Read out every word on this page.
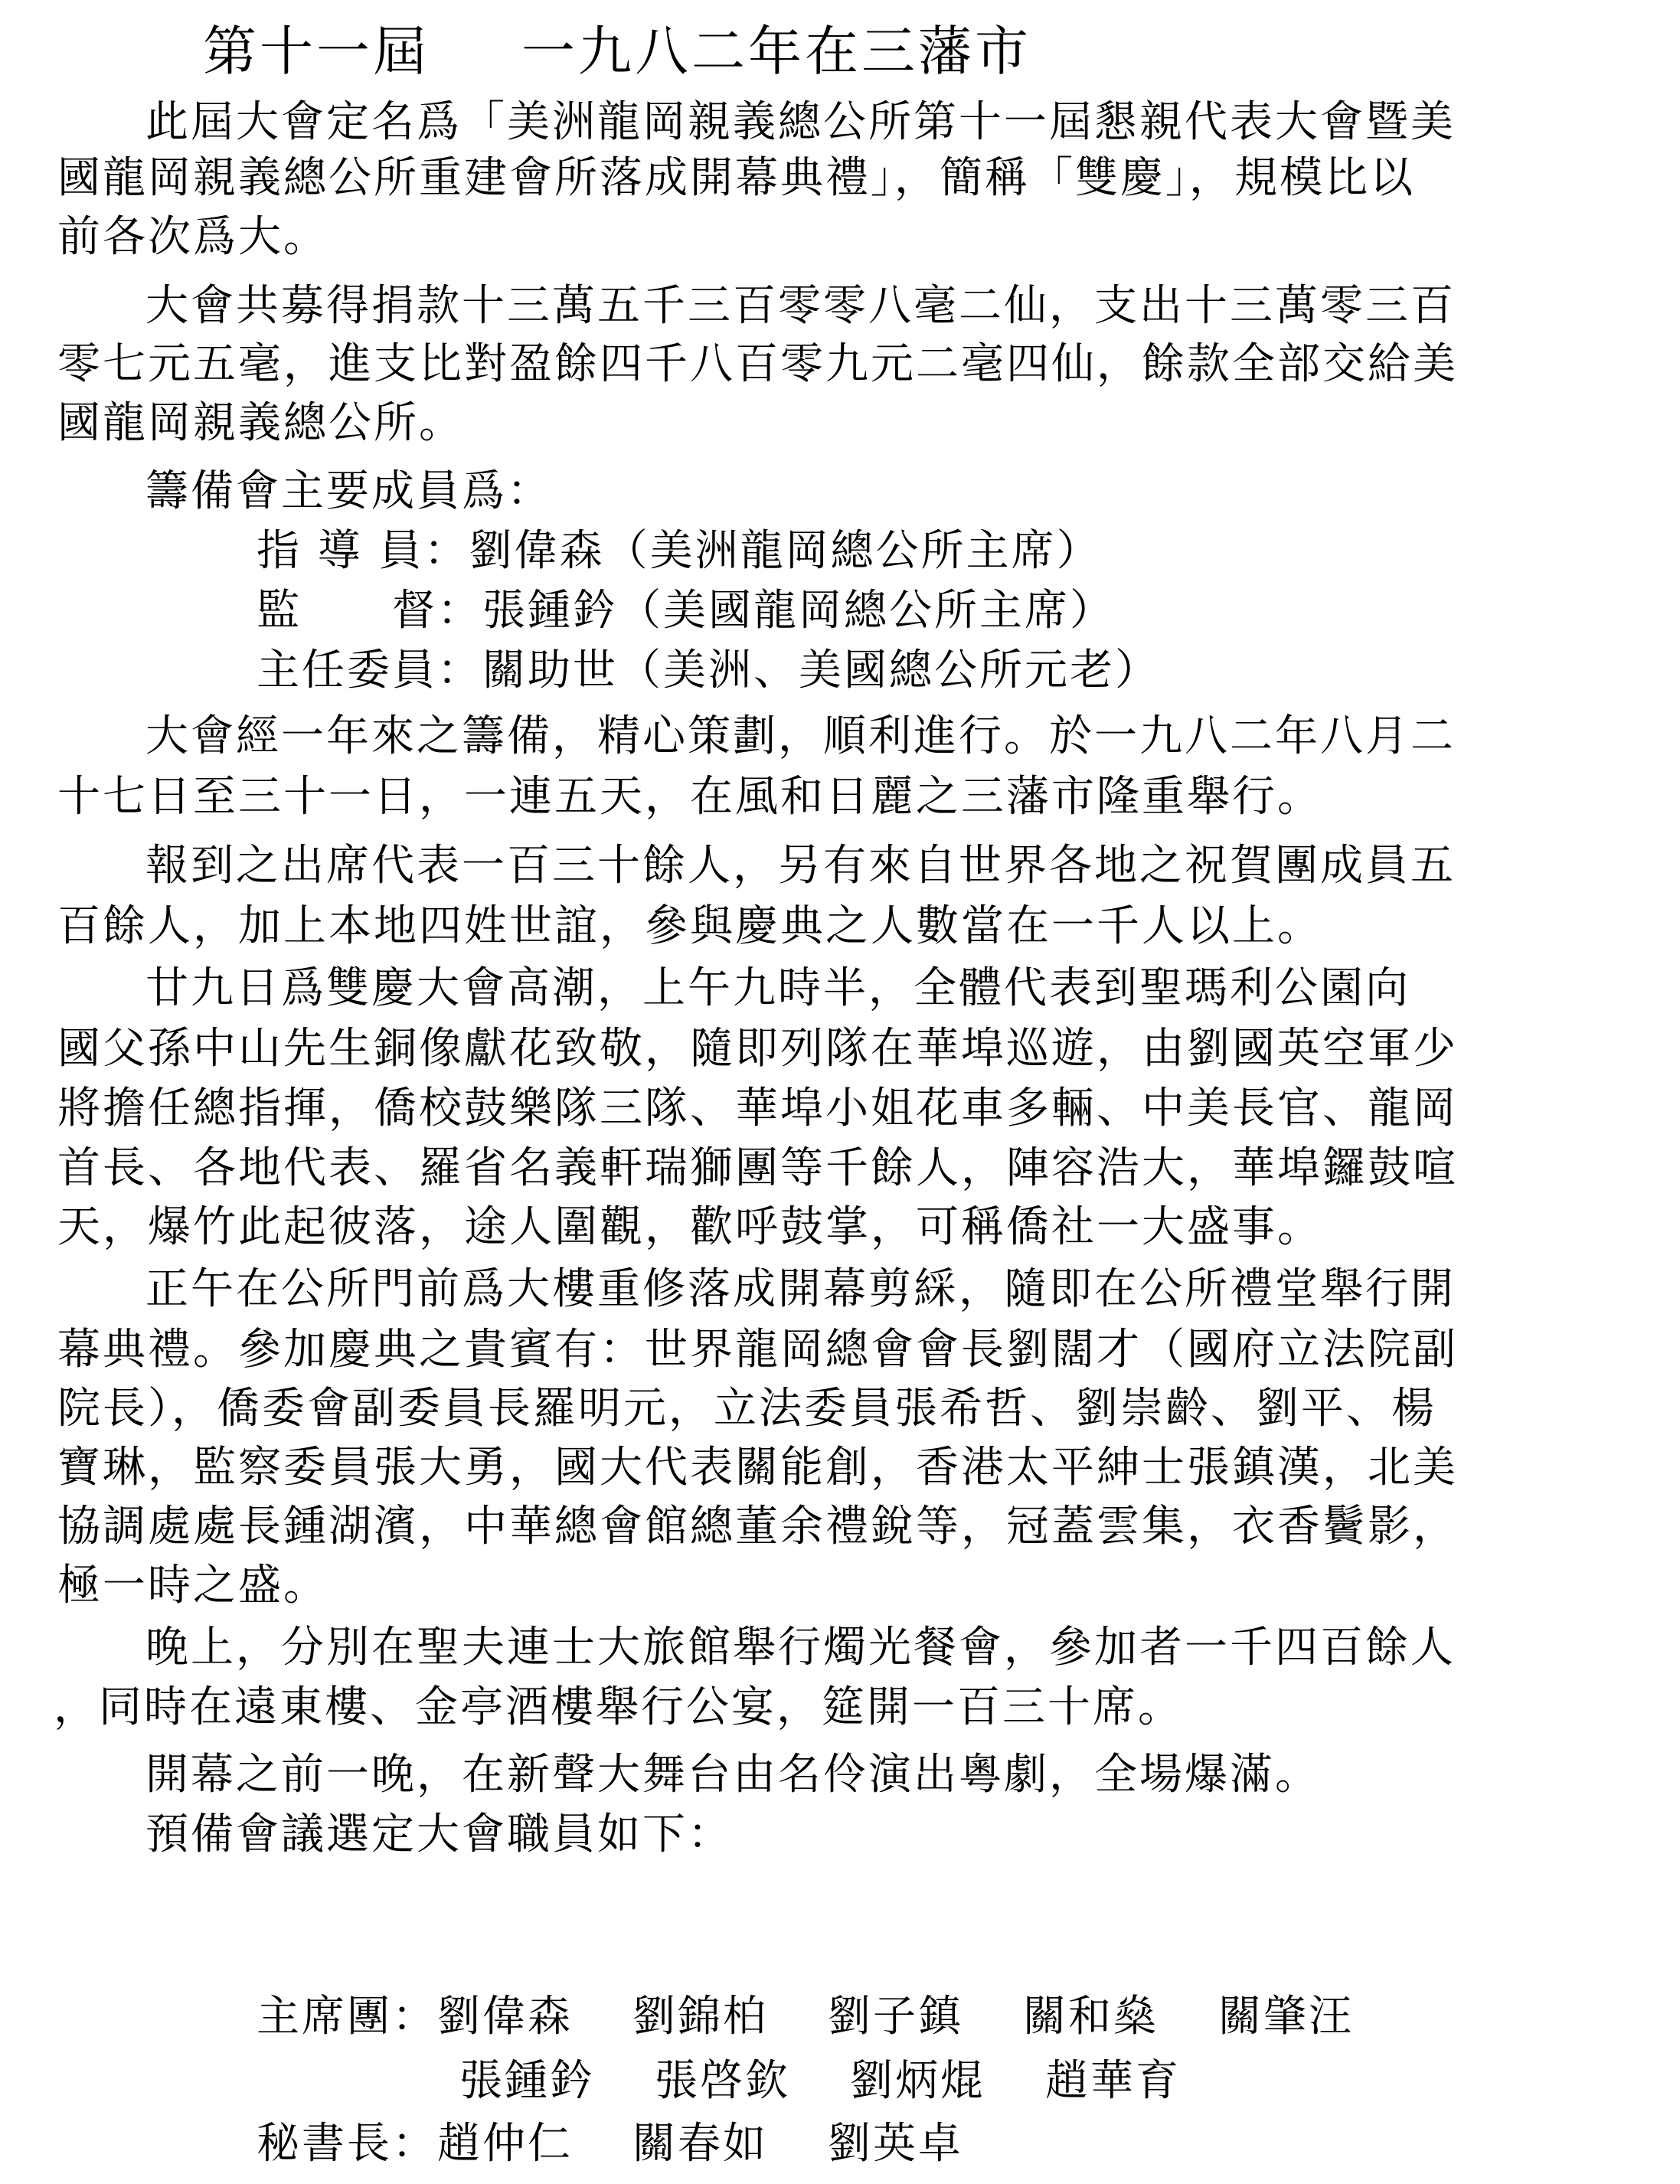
第十一屆 一九八二年在三藩市
此屆大會定名爲「美洲龍岡親義總公所第十一屆懇親代表大會暨美
國龍岡親義總公所重建會所落成開幕典禮」，簡稱「雙慶」，規模比以
前各次爲大。
大會共募得捐款十三萬五千三百零零八毫二仙，支出十三萬零三百
零七元五毫，進支比對盈餘四千八百零九元二毫四仙，餘款全部交給美
國龍岡親義總公所。
籌備會主要成員爲：
指 導 員：劉偉森（美洲龍岡總公所主席）
監　　督：張鍾鈐（美國龍岡總公所主席）
主任委員：關助世（美洲、美國總公所元老）
大會經一年來之籌備，精心策劃，順利進行。於一九八二年八月二
十七日至三十一日，一連五天，在風和日麗之三藩市隆重舉行。
報到之出席代表一百三十餘人，另有來自世界各地之祝賀團成員五
百餘人，加上本地四姓世誼，參與慶典之人數當在一千人以上。
廿九日爲雙慶大會高潮，上午九時半，全體代表到聖瑪利公園向
國父孫中山先生銅像獻花致敬，隨即列隊在華埠巡遊，由劉國英空軍少
將擔任總指揮，僑校鼓樂隊三隊、華埠小姐花車多輛、中美長官、龍岡
首長、各地代表、羅省名義軒瑞獅團等千餘人，陣容浩大，華埠鑼鼓喧
天，爆竹此起彼落，途人圍觀，歡呼鼓掌，可稱僑社一大盛事。
正午在公所門前爲大樓重修落成開幕剪綵，隨即在公所禮堂舉行開
幕典禮。參加慶典之貴賓有：世界龍岡總會會長劉闊才（國府立法院副
院長），僑委會副委員長羅明元，立法委員張希哲、劉崇齡、劉平、楊
寶琳，監察委員張大勇，國大代表關能創，香港太平紳士張鎮漢，北美
協調處處長鍾湖濱，中華總會館總董余禮銳等，冠蓋雲集，衣香鬢影，
極一時之盛。
晚上，分別在聖夫連士大旅館舉行燭光餐會，參加者一千四百餘人
，同時在遠東樓、金亭酒樓舉行公宴，筵開一百三十席。
開幕之前一晚，在新聲大舞台由名伶演出粵劇，全場爆滿。
預備會議選定大會職員如下：
主席團：劉偉森 劉錦柏 劉子鎮 關和燊 關肇汪
張鍾鈐 張啓欽 劉炳焜 趙華育
秘書長：趙仲仁 關春如 劉英卓
